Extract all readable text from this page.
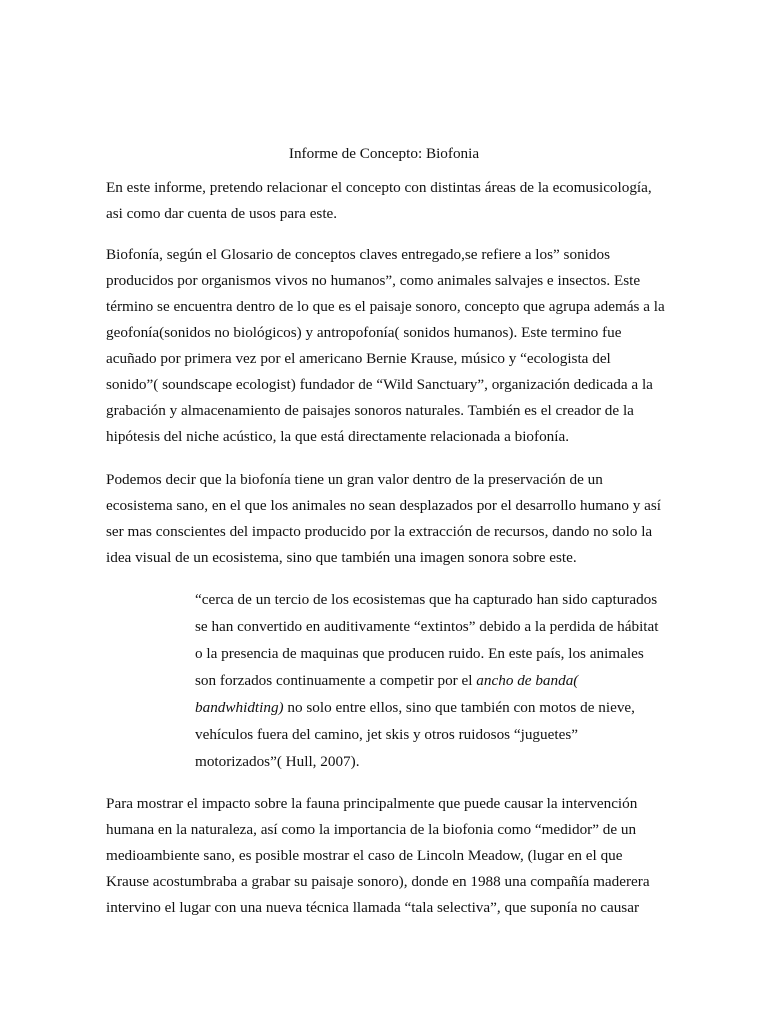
Informe de Concepto: Biofonia
En este informe, pretendo relacionar el concepto con distintas áreas de la ecomusicología,
asi como dar cuenta de usos para este.
Biofonía, según el Glosario de conceptos claves entregado,se refiere a los” sonidos
producidos por organismos vivos no humanos”, como animales salvajes e insectos. Este
término se encuentra dentro de lo que es el paisaje sonoro, concepto que agrupa además a la
geofonía(sonidos no biológicos) y antropofonía( sonidos humanos). Este termino fue
acuñado por primera vez por el americano Bernie Krause, músico y “ecologista del
sonido”( soundscape ecologist) fundador de “Wild Sanctuary”, organización dedicada a la
grabación y almacenamiento de paisajes sonoros naturales. También es el creador de la
hipótesis del niche acústico, la que está directamente relacionada a biofonía.
Podemos decir que la biofonía tiene un gran valor dentro de la preservación de un
ecosistema sano, en el que los animales no sean desplazados por el desarrollo humano y así
ser mas conscientes del impacto producido por la extracción de recursos, dando no solo la
idea visual de un ecosistema, sino que también una imagen sonora sobre este.
“cerca de un tercio de los ecosistemas que ha capturado han sido capturados
se han convertido en auditivamente “extintos” debido a la perdida de hábitat
o la presencia de maquinas que producen ruido. En este país, los animales
son forzados continuamente a competir por el ancho de banda(
bandwhidting) no solo entre ellos, sino que también con motos de nieve,
vehículos fuera del camino, jet skis y otros ruidosos “juguetes”
motorizados”( Hull, 2007).
Para mostrar el impacto sobre la fauna principalmente que puede causar la intervención
humana en la naturaleza, así como la importancia de la biofonia como “medidor” de un
medioambiente sano, es posible mostrar el caso de Lincoln Meadow, (lugar en el que
Krause acostumbraba a grabar su paisaje sonoro), donde en 1988 una compañía maderera
intervino el lugar con una nueva técnica llamada “tala selectiva”, que suponía no causar
